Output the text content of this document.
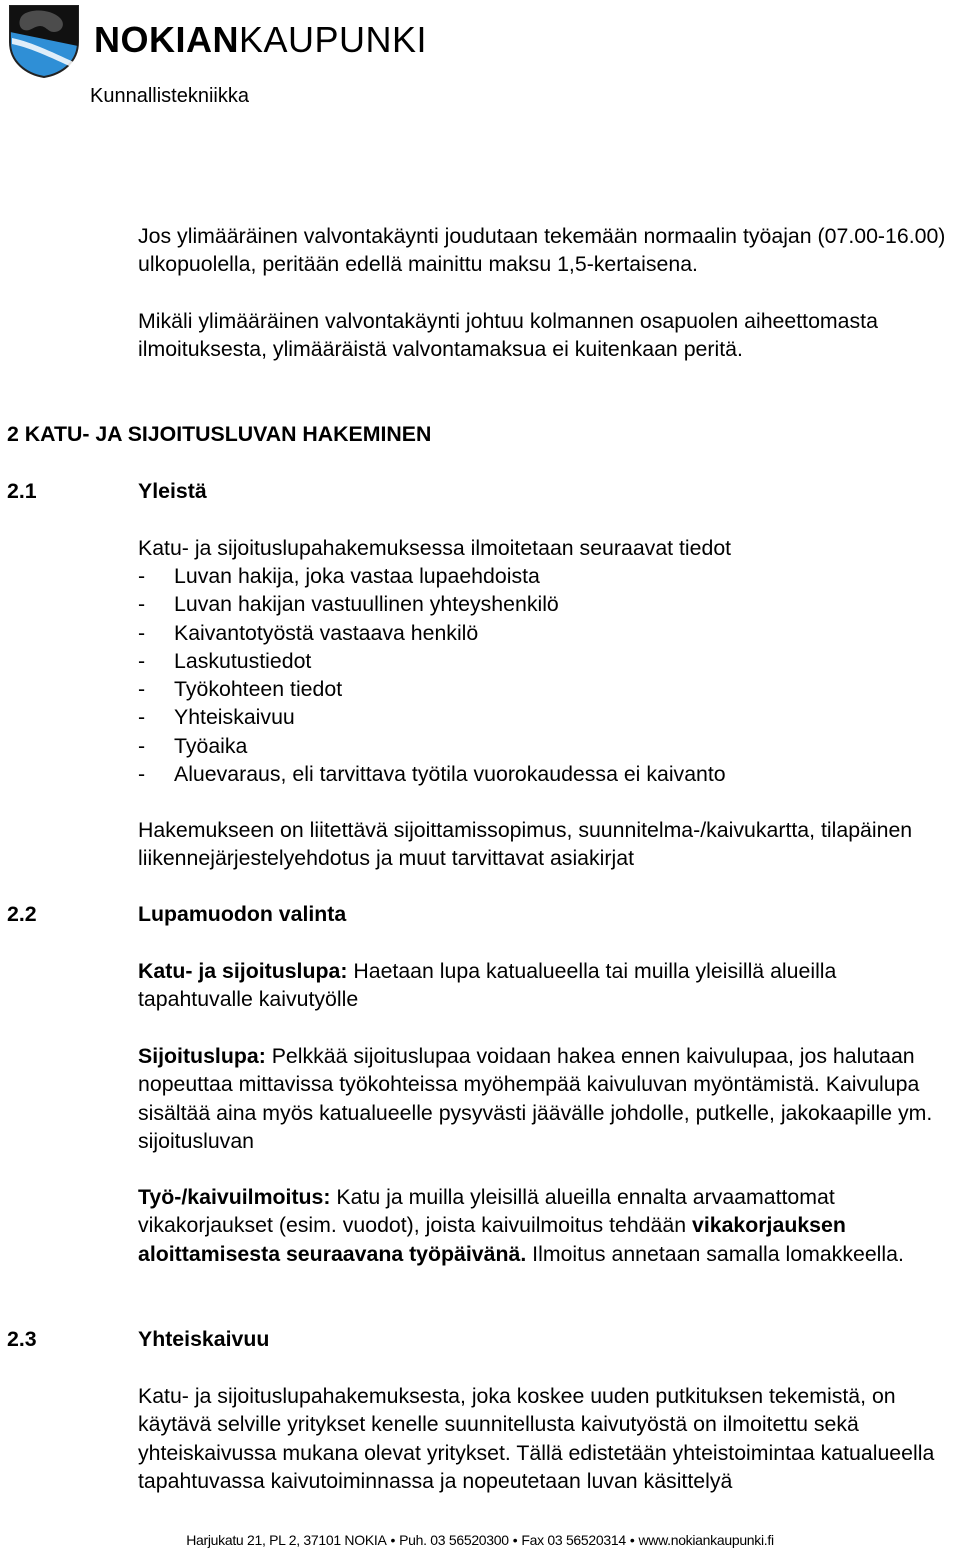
NOKIANKAUPUNKI
Kunnallistekniikka

Jos ylimääräinen valvontakäynti joudutaan tekemään normaalin työajan (07.00-16.00) ulkopuolella, peritään edellä mainittu maksu 1,5-kertaisena.

Mikäli ylimääräinen valvontakäynti johtuu kolmannen osapuolen aiheettomasta ilmoituksesta, ylimääräistä valvontamaksua ei kuitenkaan peritä.

2 KATU- JA SIJOITUSLUVAN HAKEMINEN
2.1	Yleistä

Katu- ja sijoituslupahakemuksessa ilmoitetaan seuraavat tiedot

-	Luvan hakija, joka vastaa lupaehdoista
-	Luvan hakijan vastuullinen yhteyshenkilö
-	Kaivantotyöstä vastaava henkilö
-	Laskutustiedot
-	Työkohteen tiedot
-	Yhteiskaivuu
-	Työaika
-	Aluevaraus, eli tarvittava työtila vuorokaudessa ei kaivanto

Hakemukseen on liitettävä sijoittamissopimus, suunnitelma-/kaivukartta, tilapäinen liikennejärjestelyehdotus ja muut tarvittavat asiakirjat

2.2	Lupamuodon valinta

Katu- ja sijoituslupa: Haetaan lupa katualueella tai muilla yleisillä alueilla tapahtuvalle kaivutyölle

Sijoituslupa: Pelkkää sijoituslupaa voidaan hakea ennen kaivulupaa, jos halutaan nopeuttaa mittavissa työkohteissa myöhempää kaivuluvan myöntämistä. Kaivulupa sisältää aina myös katualueelle pysyvästi jäävälle johdolle, putkelle, jakokaapille ym. sijoitusluvan

Työ-/kaivuilmoitus: Katu ja muilla yleisillä alueilla ennalta arvaamattomat vikakorjaukset (esim. vuodot), joista kaivuilmoitus tehdään vikakorjauksen aloittamisesta seuraavana työpäivänä. Ilmoitus annetaan samalla lomakkeella.

2.3	Yhteiskaivuu

Katu- ja sijoituslupahakemuksesta, joka koskee uuden putkituksen tekemistä, on käytävä selville yritykset kenelle suunnitellusta kaivutyöstä on ilmoitettu sekä yhteiskaivussa mukana olevat yritykset. Tällä edistetään yhteistoimintaa katualueella tapahtuvassa kaivutoiminnassa ja nopeutetaan luvan käsittelyä

Harjukatu 21, PL 2, 37101 NOKIA • Puh. 03 56520300 • Fax 03 56520314 • www.nokiankaupunki.fi
